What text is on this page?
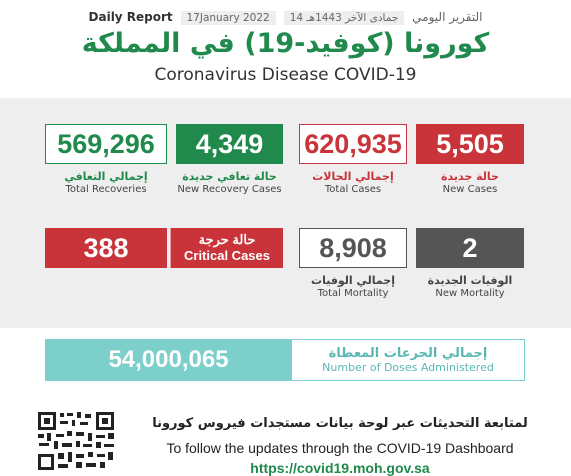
Daily Report 17January 2022 14 جمادى الآخر 1443هـ التقرير اليومي
كورونا (كوفيد-19) في المملكة
Coronavirus Disease COVID-19
569,296 4,349 620,935 5,505
إجمالي التعافي
Total Recoveries
حالة تعافي جديدة
New Recovery Cases
إجمالي الحالات
Total Cases
حالة جديدة
New Cases
388	حالة حرجة
Critical Cases 8,908	2
إجمالي الوفيات
Total Mortality
الوفيات الجديدة
New Mortality
54,000,065	إجمالي الجرعات المعطاة
Number of Doses Administered
لمتابعة التحديثات عبر لوحة بيانات مستجدات فيروس كورونا
To follow the updates through the COVID-19 Dashboard
https://covid19.moh.gov.sa
